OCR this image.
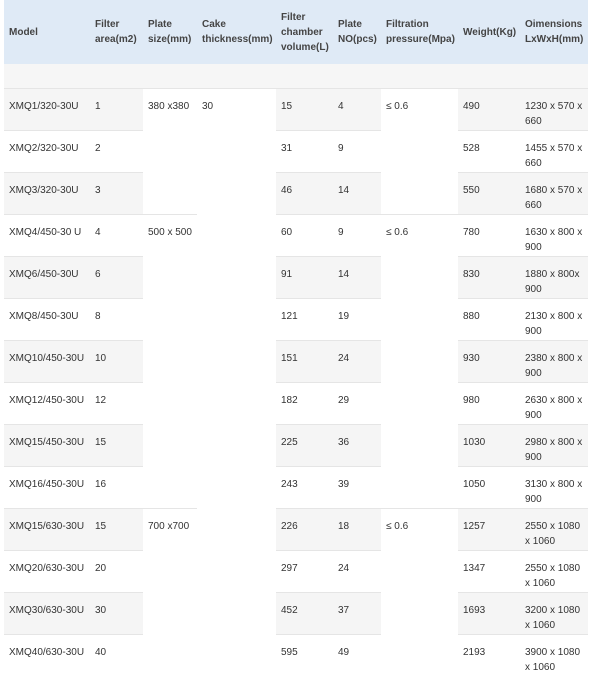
Model	Filter area(m2)	Plate size(mm)	Cake thickness(mm)	Filter chamber volume(L)	Plate NO(pcs)	Filtration pressure(Mpa)	Weight(Kg)	Oimensions LxWxH(mm)

XMQ1/320-30U	1	380 x380	30	15	4	≤ 0.6	490	1230 x 570 x 660
XMQ2/320-30U	2			31	9		528	1455 x 570 x 660
XMQ3/320-30U	3			46	14		550	1680 x 570 x 660
XMQ4/450-30 U	4	500 x 500		60	9	≤ 0.6	780	1630 x 800 x 900
XMQ6/450-30U	6			91	14		830	1880 x 800x 900
XMQ8/450-30U	8			121	19		880	2130 x 800 x 900
XMQ10/450-30U	10			151	24		930	2380 x 800 x 900
XMQ12/450-30U	12			182	29		980	2630 x 800 x 900
XMQ15/450-30U	15			225	36		1030	2980 x 800 x 900
XMQ16/450-30U	16			243	39		1050	3130 x 800 x 900
XMQ15/630-30U	15	700 x700		226	18	≤ 0.6	1257	2550 x 1080 x 1060
XMQ20/630-30U	20			297	24		1347	2550 x 1080 x 1060
XMQ30/630-30U	30			452	37		1693	3200 x 1080 x 1060
XMQ40/630-30U	40			595	49		2193	3900 x 1080 x 1060
